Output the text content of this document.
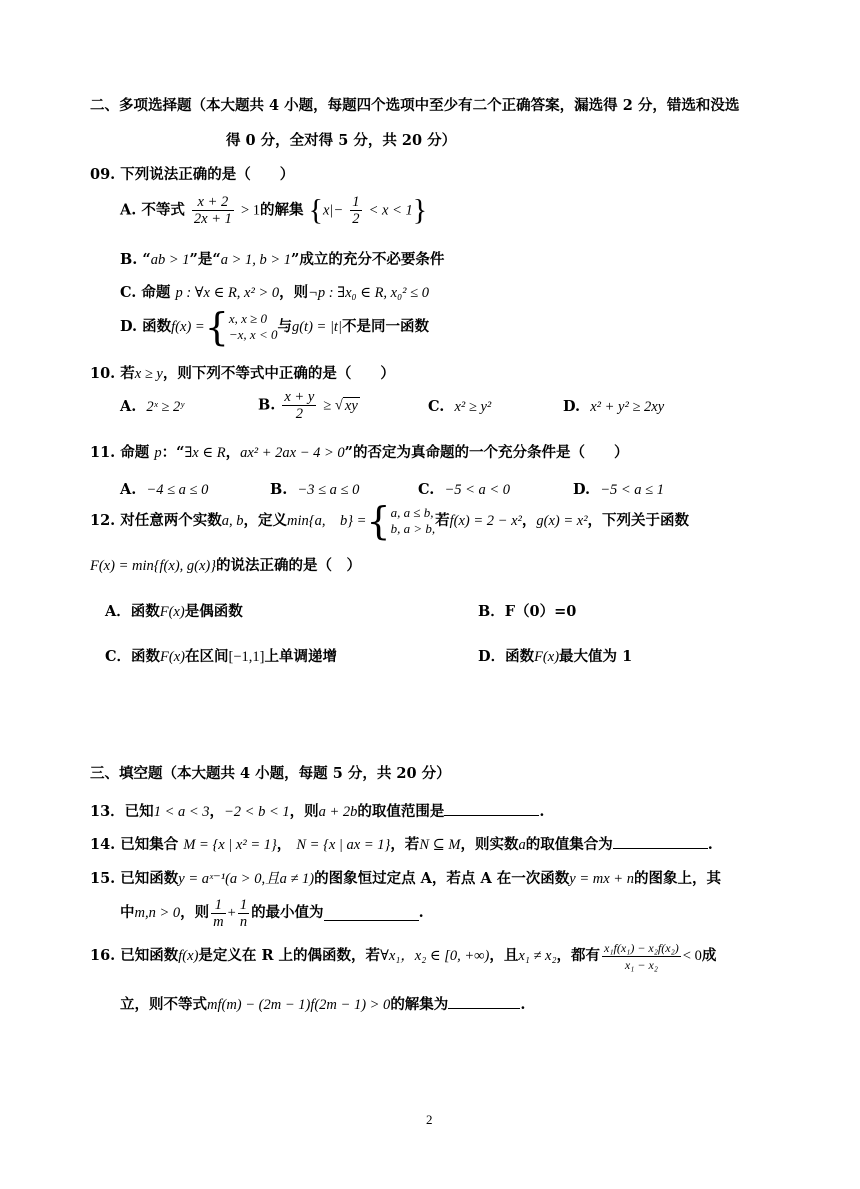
二、多项选择题（本大题共 4 小题，每题四个选项中至少有二个正确答案，漏选得 2 分，错选和没选
得 0 分，全对得 5 分，共 20 分）
09. 下列说法正确的是（　　）
A. 不等式 $\frac{x + 2}{2x + 1} > 1$的解集 $\{x|- \frac{1}{2} < x < 1\}$
B. “ab > 1”是“a > 1, b > 1”成立的充分不必要条件
C. 命题 p : ∀x ∈ R, x² > 0，则¬p : ∃x₀ ∈ R, x₀² ≤ 0
D. 函数 f(x) = { x, x ≥ 0
−x, x < 0 与 g(t) = |t| 不是同一函数
10. 若x ≥ y，则下列不等式中正确的是（　　）
A. 2ˣ ≥ 2ʸ	B. $\frac{x + y}{2}$ ≥ √ xy	C. x² ≥ y²	D. x² + y² ≥ 2xy
11. 命题 p：“∃x ∈ R，ax² + 2ax − 4 > 0”的否定为真命题的一个充分条件是（　　）
A. −4 ≤ a ≤ 0	B. −3 ≤ a ≤ 0	C. −5 < a < 0	D. −5 < a ≤ 1
12. 对任意两个实数 a, b ，定义 min{a,　b} = { a, a ≤ b,
b, a > b, 若 f(x) = 2 − x² ， g(x) = x² ，下列关于函数
F(x) = min{f(x), g(x)}的说法正确的是（　）
A．函数F(x)是偶函数	B．F（0）=0
C．函数F(x)在区间[−1,1]上单调递增	D．函数F(x)最大值为 1
三、填空题（本大题共 4 小题，每题 5 分，共 20 分）
13．已知1 < a < 3，−2 < b < 1，则a + 2b的取值范围是	.
14. 已知集合 M = {x | x² = 1}， N = {x | ax = 1}，若N ⊆ M，则实数a的取值集合为	.
15. 已知函数y = aˣ⁻¹(a > 0,且a ≠ 1)的图象恒过定点 A，若点 A 在一次函数y = mx + n的图象上，其
中 m,n > 0 ，则 1
m
+ $\frac{1}{n}$ 的最小值为	.
16. 已知函数 f(x) 是定义在 R 上的偶函数，若 ∀x₁，x₂ ∈ [0, +∞) ，且 x₁ ≠ x₂ ，都有 x₁f(x₁) − x₂f(x₂)
x₁ − x₂
< 0 成
立，则不等式mf(m) − (2m − 1)f(2m − 1) > 0的解集为	.
2
